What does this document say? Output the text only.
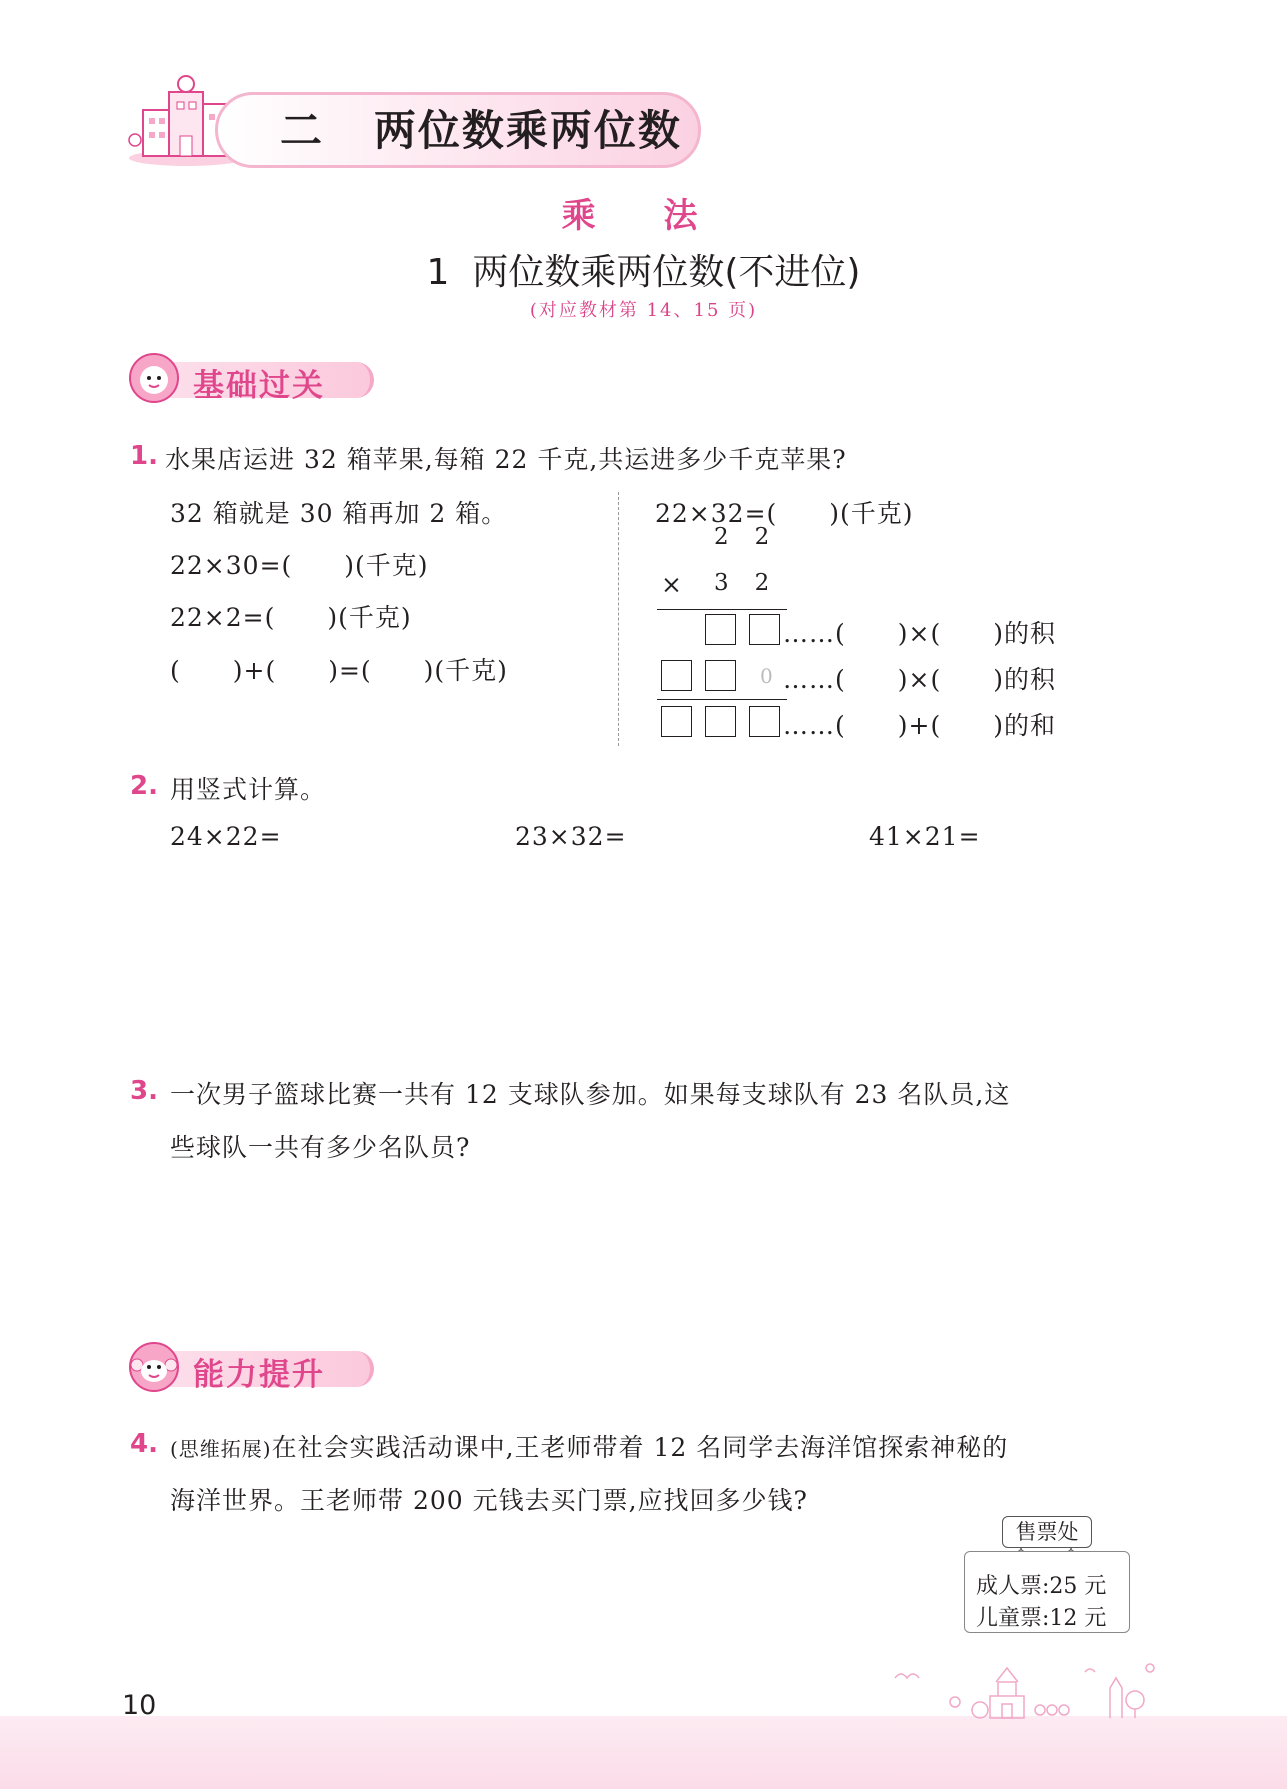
二 两位数乘两位数
乘 法
1  两位数乘两位数(不进位)
(对应教材第 14、15 页)
基础过关
1. 水果店运进 32 箱苹果,每箱 22 千克,共运进多少千克苹果?
32 箱就是 30 箱再加 2 箱。
22×30=(　　)(千克)
22×2=(　　)(千克)
(　　)+(　　)=(　　)(千克)
22×32=(　　)(千克)
2   2
× 3   2
……(　　)×(　　)的积
0 ……(　　)×(　　)的积
……(　　)+(　　)的和
2. 用竖式计算。
24×22=	23×32=	41×21=
3. 一次男子篮球比赛一共有 12 支球队参加。如果每支球队有 23 名队员,这
些球队一共有多少名队员?
能力提升
4. (思维拓展)在社会实践活动课中,王老师带着 12 名同学去海洋馆探索神秘的
海洋世界。王老师带 200 元钱去买门票,应找回多少钱?
售票处
成人票:25 元
儿童票:12 元
10
